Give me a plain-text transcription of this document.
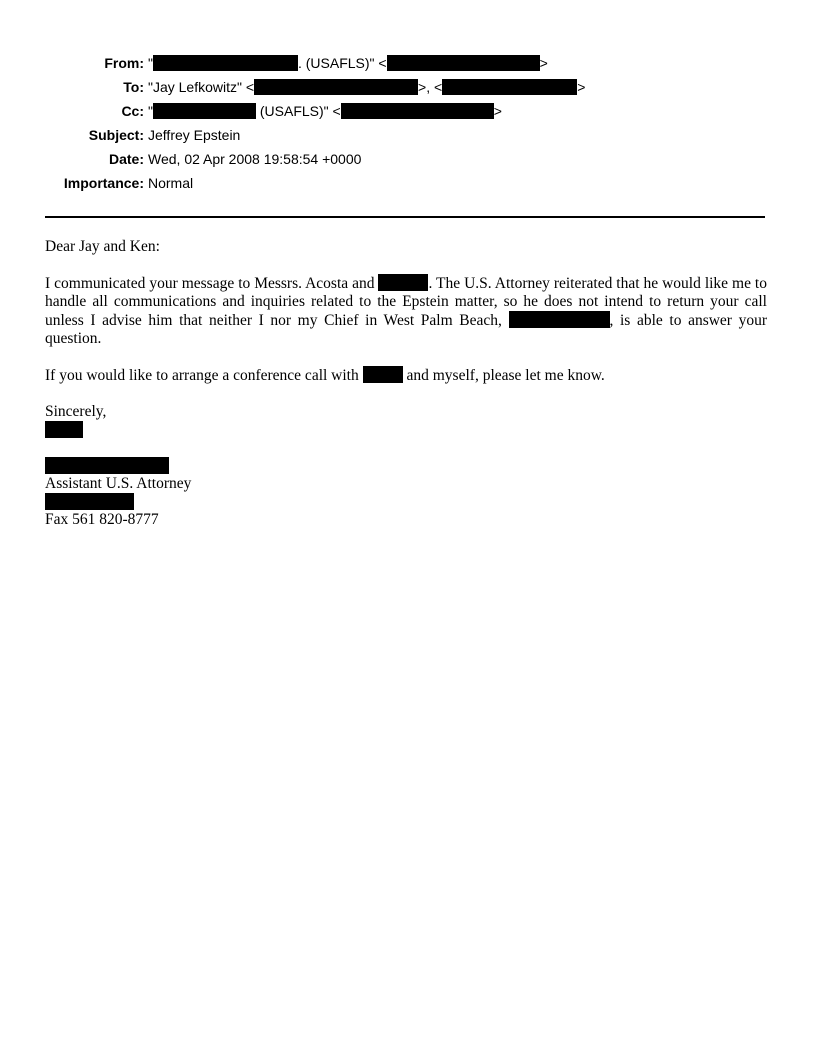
From: "	. (USAFLS)" <	>
To: "Jay Lefkowitz" <	>, <	>
Cc: "	(USAFLS)" <	>
Subject: Jeffrey Epstein
Date: Wed, 02 Apr 2008 19:58:54 +0000
Importance: Normal

Dear Jay and Ken:

I communicated your message to Messrs. Acosta and	. The U.S. Attorney reiterated that he would like me to handle all communications and inquiries related to the Epstein matter, so he does not intend to return your call unless I advise him that neither I nor my Chief in West Palm Beach,	, is able to answer your question.

If you would like to arrange a conference call with	and myself, please let me know.

Sincerely,

Assistant U.S. Attorney

Fax 561 820-8777
